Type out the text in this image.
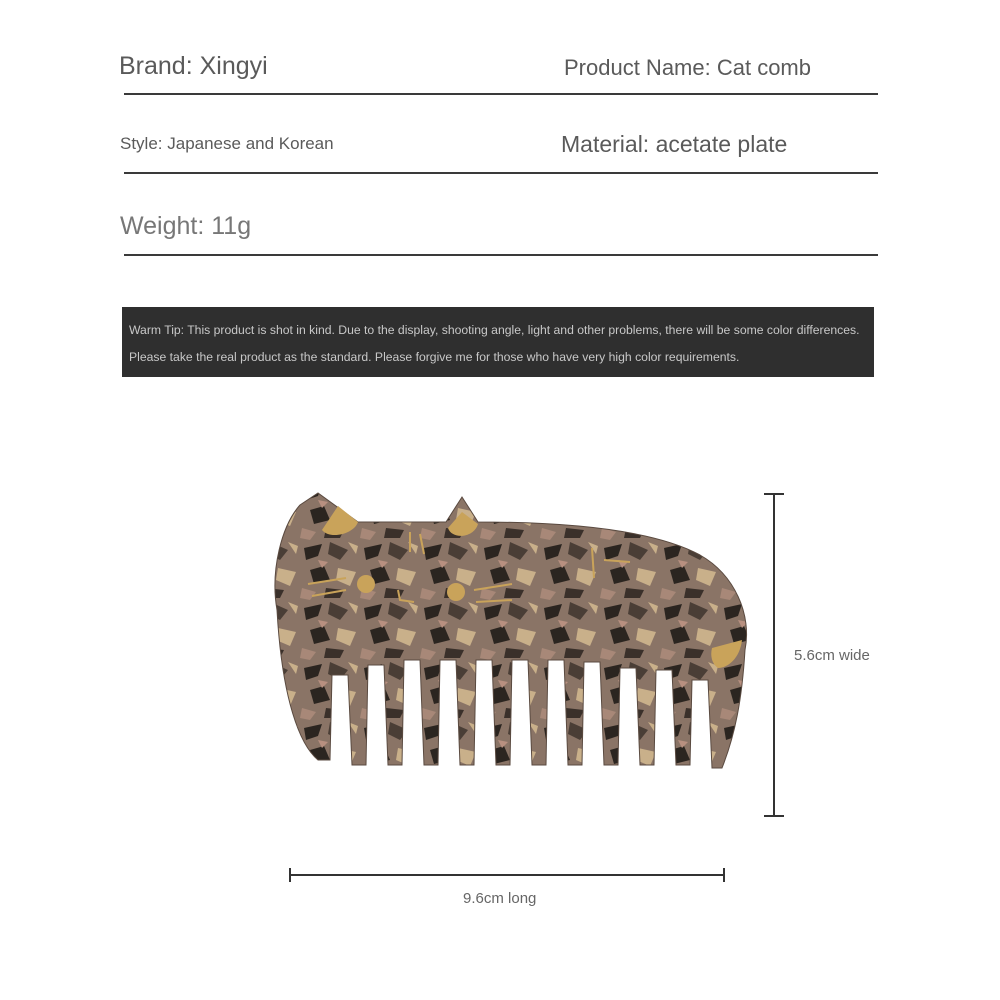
Brand: Xingyi	Product Name: Cat comb
Style: Japanese and Korean	Material: acetate plate
Weight: 11g
Warm Tip: This product is shot in kind. Due to the display, shooting angle, light and other problems, there will be some color differences. Please take the real product as the standard. Please forgive me for those who have very high color requirements.
5.6cm wide
9.6cm long
